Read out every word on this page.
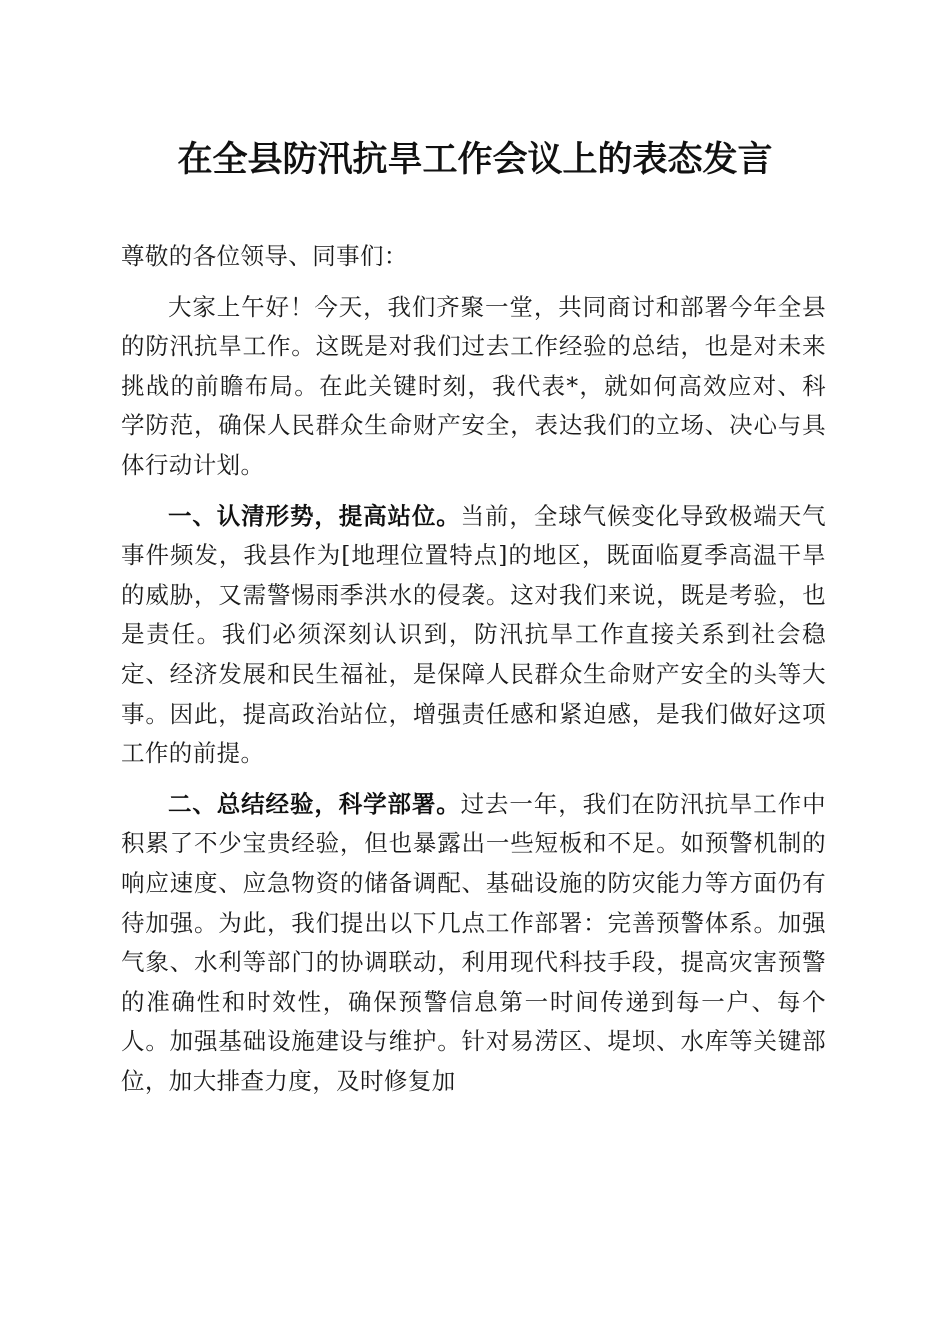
在全县防汛抗旱工作会议上的表态发言

尊敬的各位领导、同事们：

大家上午好！今天，我们齐聚一堂，共同商讨和部署今年全县的防汛抗旱工作。这既是对我们过去工作经验的总结，也是对未来挑战的前瞻布局。在此关键时刻，我代表*，就如何高效应对、科学防范，确保人民群众生命财产安全，表达我们的立场、决心与具体行动计划。

一、认清形势，提高站位。当前，全球气候变化导致极端天气事件频发，我县作为[地理位置特点]的地区，既面临夏季高温干旱的威胁，又需警惕雨季洪水的侵袭。这对我们来说，既是考验，也是责任。我们必须深刻认识到，防汛抗旱工作直接关系到社会稳定、经济发展和民生福祉，是保障人民群众生命财产安全的头等大事。因此，提高政治站位，增强责任感和紧迫感，是我们做好这项工作的前提。

二、总结经验，科学部署。过去一年，我们在防汛抗旱工作中积累了不少宝贵经验，但也暴露出一些短板和不足。如预警机制的响应速度、应急物资的储备调配、基础设施的防灾能力等方面仍有待加强。为此，我们提出以下几点工作部署：完善预警体系。加强气象、水利等部门的协调联动，利用现代科技手段，提高灾害预警的准确性和时效性，确保预警信息第一时间传递到每一户、每个人。加强基础设施建设与维护。针对易涝区、堤坝、水库等关键部位，加大排查力度，及时修复加
